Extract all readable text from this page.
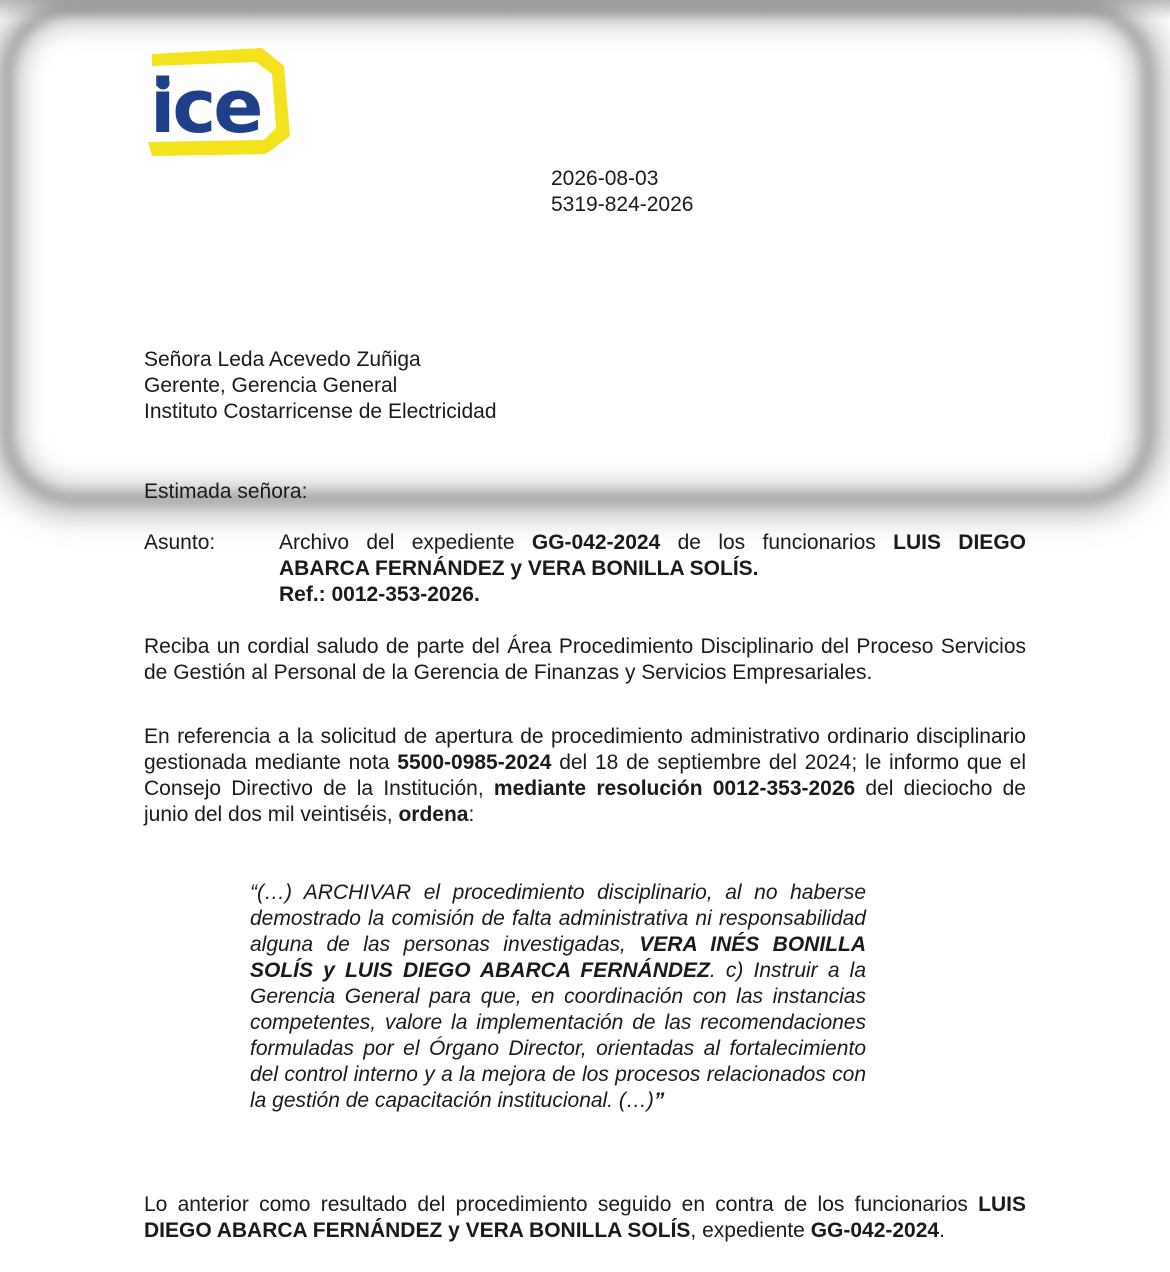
ice
2026-08-03
5319-824-2026
Señora Leda Acevedo Zuñiga
Gerente, Gerencia General
Instituto Costarricense de Electricidad
Estimada señora:
Asunto:	Archivo del expediente GG-042-2024 de los funcionarios LUIS DIEGO ABARCA FERNÁNDEZ y VERA BONILLA SOLÍS.
Ref.: 0012-353-2026.
Reciba un cordial saludo de parte del Área Procedimiento Disciplinario del Proceso Servicios de Gestión al Personal de la Gerencia de Finanzas y Servicios Empresariales.
En referencia a la solicitud de apertura de procedimiento administrativo ordinario disciplinario gestionada mediante nota 5500-0985-2024 del 18 de septiembre del 2024; le informo que el Consejo Directivo de la Institución, mediante resolución 0012-353-2026 del dieciocho de junio del dos mil veintiséis, ordena:
“(…) ARCHIVAR el procedimiento disciplinario, al no haberse demostrado la comisión de falta administrativa ni responsabilidad alguna de las personas investigadas, VERA INÉS BONILLA SOLÍS y LUIS DIEGO ABARCA FERNÁNDEZ. c) Instruir a la Gerencia General para que, en coordinación con las instancias competentes, valore la implementación de las recomendaciones formuladas por el Órgano Director, orientadas al fortalecimiento del control interno y a la mejora de los procesos relacionados con la gestión de capacitación institucional. (…)”
Lo anterior como resultado del procedimiento seguido en contra de los funcionarios LUIS DIEGO ABARCA FERNÁNDEZ y VERA BONILLA SOLÍS, expediente GG-042-2024.
